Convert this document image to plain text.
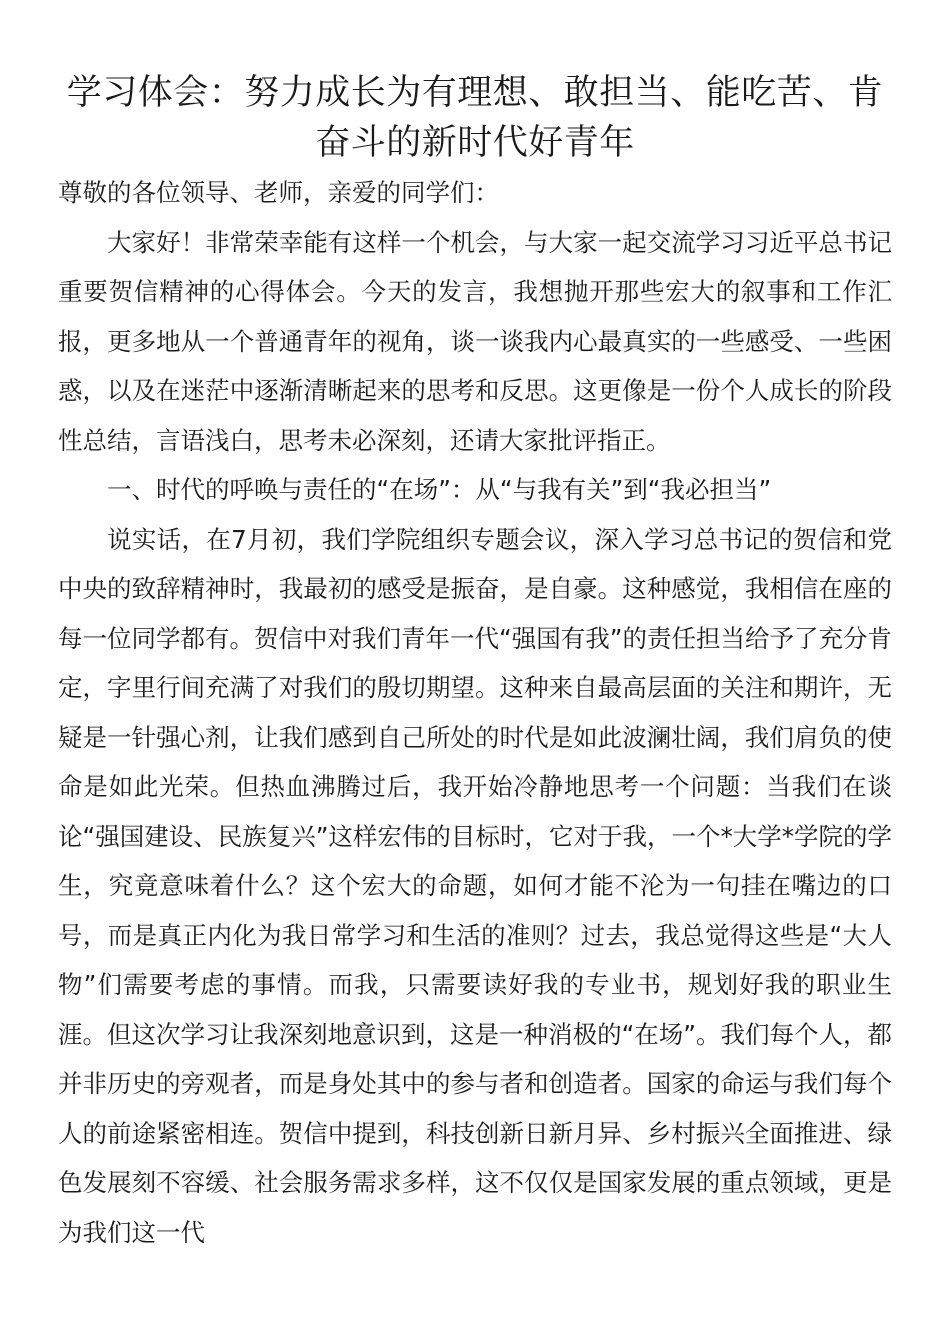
学习体会：努力成长为有理想、敢担当、能吃苦、肯奋斗的新时代好青年

尊敬的各位领导、老师，亲爱的同学们：

大家好！非常荣幸能有这样一个机会，与大家一起交流学习习近平总书记重要贺信精神的心得体会。今天的发言，我想抛开那些宏大的叙事和工作汇报，更多地从一个普通青年的视角，谈一谈我内心最真实的一些感受、一些困惑，以及在迷茫中逐渐清晰起来的思考和反思。这更像是一份个人成长的阶段性总结，言语浅白，思考未必深刻，还请大家批评指正。

一、时代的呼唤与责任的“在场”：从“与我有关”到“我必担当”

说实话，在7月初，我们学院组织专题会议，深入学习总书记的贺信和党中央的致辞精神时，我最初的感受是振奋，是自豪。这种感觉，我相信在座的每一位同学都有。贺信中对我们青年一代“强国有我”的责任担当给予了充分肯定，字里行间充满了对我们的殷切期望。这种来自最高层面的关注和期许，无疑是一针强心剂，让我们感到自己所处的时代是如此波澜壮阔，我们肩负的使命是如此光荣。但热血沸腾过后，我开始冷静地思考一个问题：当我们在谈论“强国建设、民族复兴”这样宏伟的目标时，它对于我，一个*大学*学院的学生，究竟意味着什么？这个宏大的命题，如何才能不沦为一句挂在嘴边的口号，而是真正内化为我日常学习和生活的准则？过去，我总觉得这些是“大人物”们需要考虑的事情。而我，只需要读好我的专业书，规划好我的职业生涯。但这次学习让我深刻地意识到，这是一种消极的“在场”。我们每个人，都并非历史的旁观者，而是身处其中的参与者和创造者。国家的命运与我们每个人的前途紧密相连。贺信中提到，科技创新日新月异、乡村振兴全面推进、绿色发展刻不容缓、社会服务需求多样，这不仅仅是国家发展的重点领域，更是为我们这一代
